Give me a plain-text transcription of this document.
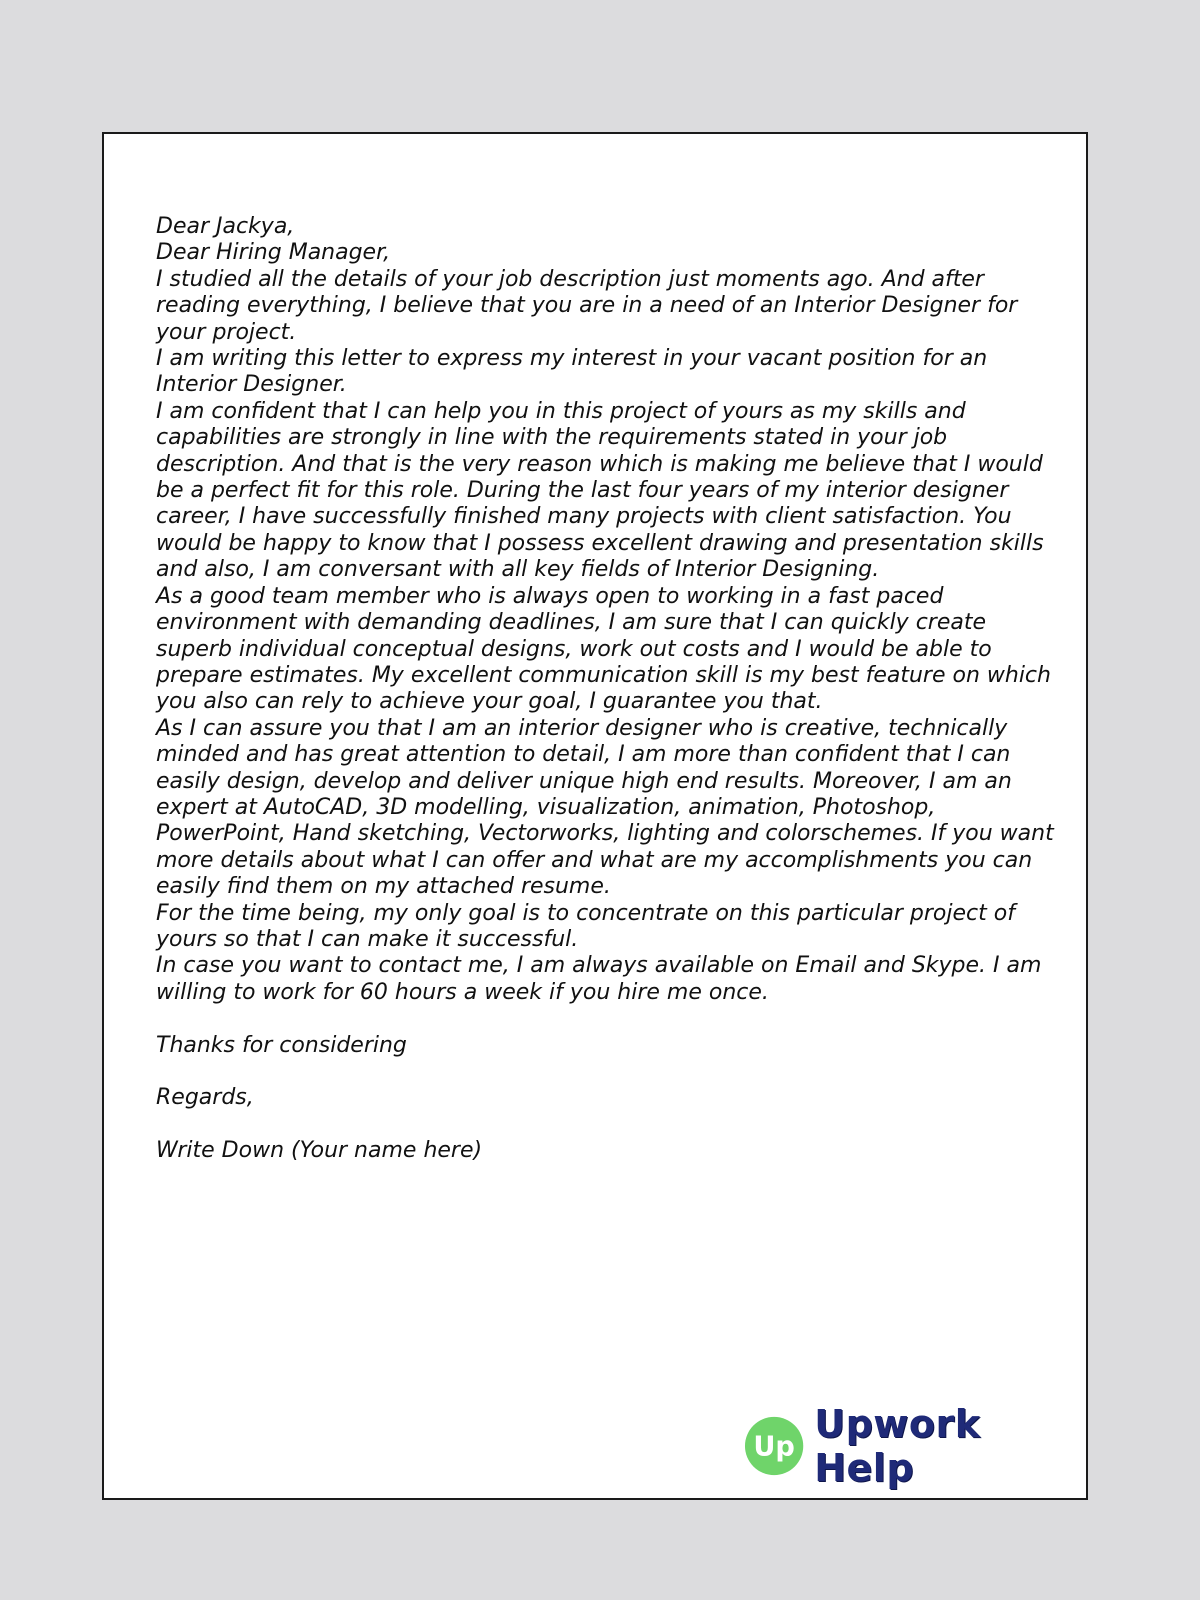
Dear Jackya,

Dear Hiring Manager,

I studied all the details of your job description just moments ago. And after reading everything, I believe that you are in a need of an Interior Designer for your project.

I am writing this letter to express my interest in your vacant position for an Interior Designer.

I am confident that I can help you in this project of yours as my skills and capabilities are strongly in line with the requirements stated in your job description. And that is the very reason which is making me believe that I would be a perfect fit for this role. During the last four years of my interior designer career, I have successfully finished many projects with client satisfaction. You would be happy to know that I possess excellent drawing and presentation skills and also, I am conversant with all key fields of Interior Designing.

As a good team member who is always open to working in a fast paced environment with demanding deadlines, I am sure that I can quickly create superb individual conceptual designs, work out costs and I would be able to prepare estimates. My excellent communication skill is my best feature on which you also can rely to achieve your goal, I guarantee you that.

As I can assure you that I am an interior designer who is creative, technically minded and has great attention to detail, I am more than confident that I can easily design, develop and deliver unique high end results. Moreover, I am an expert at AutoCAD, 3D modelling, visualization, animation, Photoshop, PowerPoint, Hand sketching, Vectorworks, lighting and colorschemes. If you want more details about what I can offer and what are my accomplishments you can easily find them on my attached resume.

For the time being, my only goal is to concentrate on this particular project of yours so that I can make it successful.

In case you want to contact me, I am always available on Email and Skype. I am willing to work for 60 hours a week if you hire me once.

Thanks for considering

Regards,

Write Down (Your name here)

Up
Upwork Help
